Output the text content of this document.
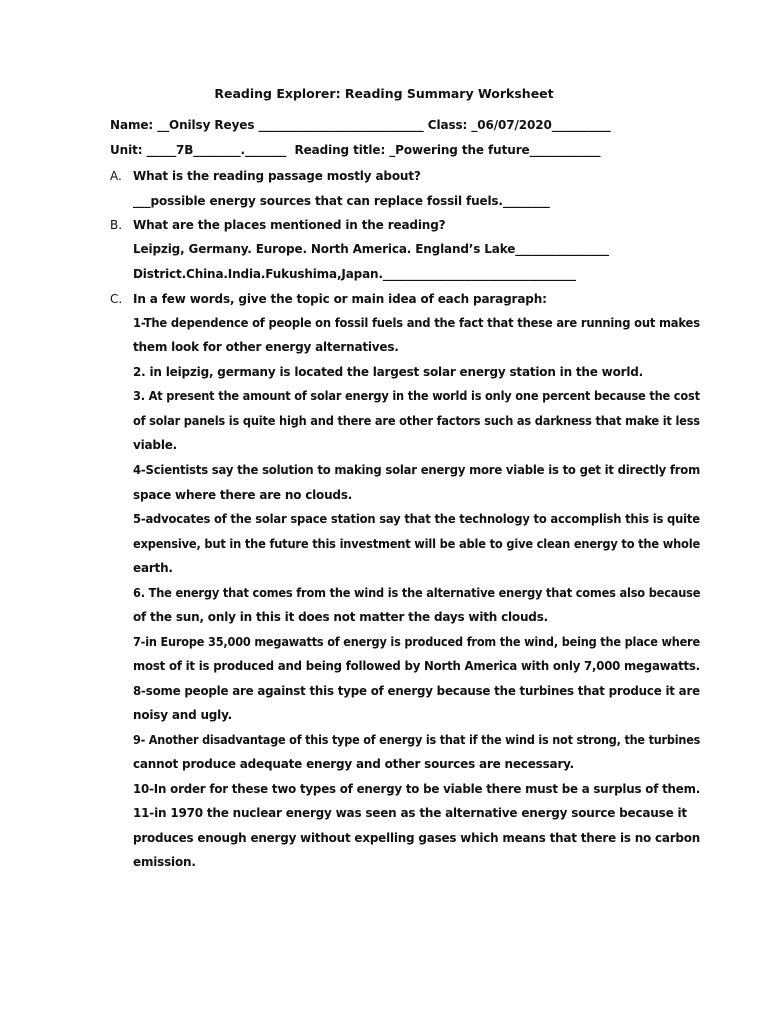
Reading Explorer: Reading Summary Worksheet
Name: __Onilsy Reyes ____________________________ Class: _06/07/2020__________
Unit: _____7B________._______ Reading title: _Powering the future____________
A. What is the reading passage mostly about?
___possible energy sources that can replace fossil fuels.________
B. What are the places mentioned in the reading?
Leipzig, Germany. Europe. North America. England’s Lake________________
District.China.India.Fukushima,Japan._________________________________
C. In a few words, give the topic or main idea of each paragraph:
1-The dependence of people on fossil fuels and the fact that these are running out makes
them look for other energy alternatives.
2. in leipzig, germany is located the largest solar energy station in the world.
3. At present the amount of solar energy in the world is only one percent because the cost
of solar panels is quite high and there are other factors such as darkness that make it less
viable.
4-Scientists say the solution to making solar energy more viable is to get it directly from
space where there are no clouds.
5-advocates of the solar space station say that the technology to accomplish this is quite
expensive, but in the future this investment will be able to give clean energy to the whole
earth.
6. The energy that comes from the wind is the alternative energy that comes also because
of the sun, only in this it does not matter the days with clouds.
7-in Europe 35,000 megawatts of energy is produced from the wind, being the place where
most of it is produced and being followed by North America with only 7,000 megawatts.
8-some people are against this type of energy because the turbines that produce it are
noisy and ugly.
9- Another disadvantage of this type of energy is that if the wind is not strong, the turbines
cannot produce adequate energy and other sources are necessary.
10-In order for these two types of energy to be viable there must be a surplus of them.
11-in 1970 the nuclear energy was seen as the alternative energy source because it
produces enough energy without expelling gases which means that there is no carbon
emission.
